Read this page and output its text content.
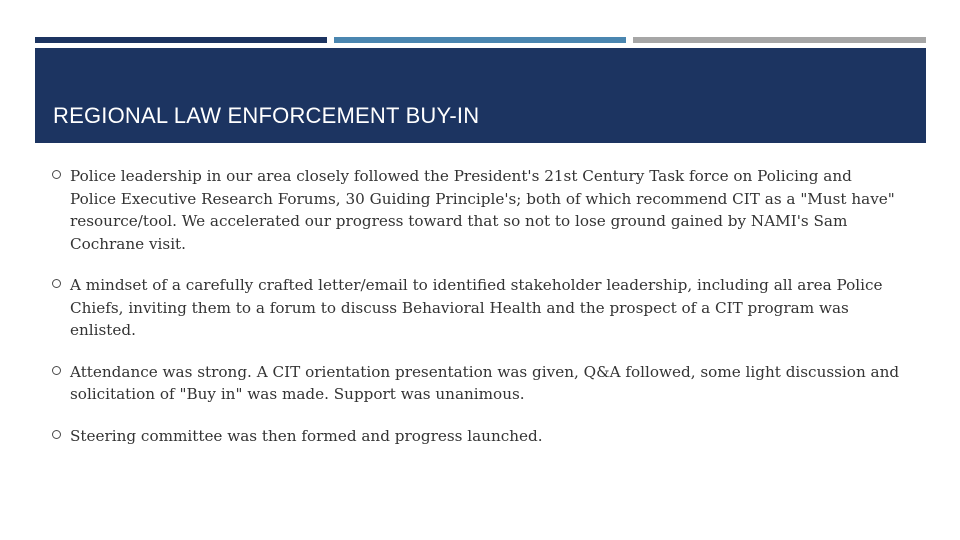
REGIONAL LAW ENFORCEMENT BUY-IN
Police leadership in our area closely followed the President's 21st Century Task force on Policing and Police Executive Research Forums, 30 Guiding Principle's; both of which recommend CIT as a "Must have" resource/tool. We accelerated our progress toward that so not to lose ground gained by NAMI's Sam Cochrane visit.
A mindset of a carefully crafted letter/email to identified stakeholder leadership, including all area Police Chiefs, inviting them to a forum to discuss Behavioral Health and the prospect of a CIT program was enlisted.
Attendance was strong. A CIT orientation presentation was given, Q&A followed, some light discussion and solicitation of "Buy in" was made. Support was unanimous.
Steering committee was then formed and progress launched.
